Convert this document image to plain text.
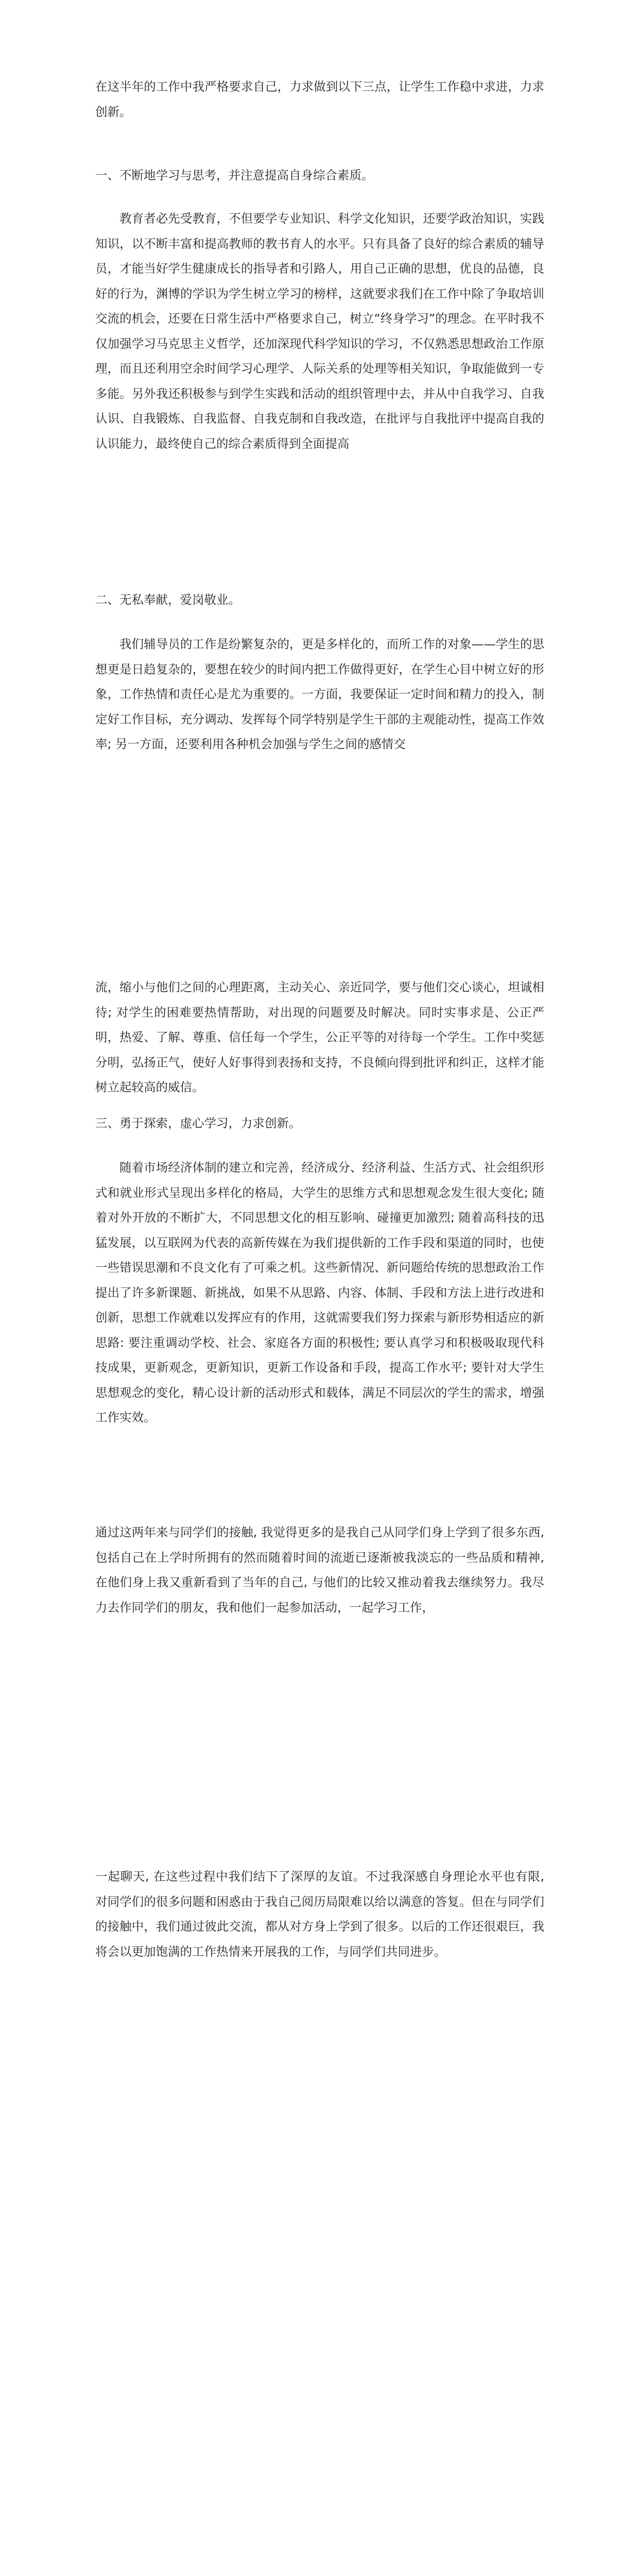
在这半年的工作中我严格要求自己，力求做到以下三点，让学生工作稳中求进，力求创新。

一、不断地学习与思考，并注意提高自身综合素质。

教育者必先受教育，不但要学专业知识、科学文化知识，还要学政治知识，实践知识，以不断丰富和提高教师的教书育人的水平。只有具备了良好的综合素质的辅导员，才能当好学生健康成长的指导者和引路人，用自己正确的思想，优良的品德，良好的行为，渊博的学识为学生树立学习的榜样，这就要求我们在工作中除了争取培训交流的机会，还要在日常生活中严格要求自己，树立“终身学习”的理念。在平时我不仅加强学习马克思主义哲学，还加深现代科学知识的学习，不仅熟悉思想政治工作原理，而且还利用空余时间学习心理学、人际关系的处理等相关知识，争取能做到一专多能。另外我还积极参与到学生实践和活动的组织管理中去，并从中自我学习、自我认识、自我锻炼、自我监督、自我克制和自我改造，在批评与自我批评中提高自我的认识能力，最终使自己的综合素质得到全面提高

二、无私奉献，爱岗敬业。

我们辅导员的工作是纷繁复杂的，更是多样化的，而所工作的对象——学生的思想更是日趋复杂的，要想在较少的时间内把工作做得更好，在学生心目中树立好的形象，工作热情和责任心是尤为重要的。一方面，我要保证一定时间和精力的投入，制定好工作目标，充分调动、发挥每个同学特别是学生干部的主观能动性，提高工作效率; 另一方面，还要利用各种机会加强与学生之间的感情交

流，缩小与他们之间的心理距离，主动关心、亲近同学，要与他们交心谈心，坦诚相待; 对学生的困难要热情帮助，对出现的问题要及时解决。同时实事求是、公正严明，热爱、了解、尊重、信任每一个学生，公正平等的对待每一个学生。工作中奖惩分明，弘扬正气，使好人好事得到表扬和支持，不良倾向得到批评和纠正，这样才能树立起较高的威信。

三、勇于探索，虚心学习，力求创新。

随着市场经济体制的建立和完善，经济成分、经济利益、生活方式、社会组织形式和就业形式呈现出多样化的格局，大学生的思维方式和思想观念发生很大变化; 随着对外开放的不断扩大，不同思想文化的相互影响、碰撞更加激烈; 随着高科技的迅猛发展，以互联网为代表的高新传媒在为我们提供新的工作手段和渠道的同时，也使一些错误思潮和不良文化有了可乘之机。这些新情况、新问题给传统的思想政治工作提出了许多新课题、新挑战，如果不从思路、内容、体制、手段和方法上进行改进和创新，思想工作就难以发挥应有的作用，这就需要我们努力探索与新形势相适应的新思路: 要注重调动学校、社会、家庭各方面的积极性; 要认真学习和积极吸取现代科技成果，更新观念，更新知识，更新工作设备和手段，提高工作水平; 要针对大学生思想观念的变化，精心设计新的活动形式和载体，满足不同层次的学生的需求，增强工作实效。

通过这两年来与同学们的接触, 我觉得更多的是我自己从同学们身上学到了很多东西, 包括自己在上学时所拥有的然而随着时间的流逝已逐渐被我淡忘的一些品质和精神, 在他们身上我又重新看到了当年的自己, 与他们的比较又推动着我去继续努力。我尽力去作同学们的朋友，我和他们一起参加活动，一起学习工作，

一起聊天, 在这些过程中我们结下了深厚的友谊。不过我深感自身理论水平也有限, 对同学们的很多问题和困惑由于我自己阅历局限难以给以满意的答复。但在与同学们的接触中，我们通过彼此交流，都从对方身上学到了很多。以后的工作还很艰巨，我将会以更加饱满的工作热情来开展我的工作，与同学们共同进步。
